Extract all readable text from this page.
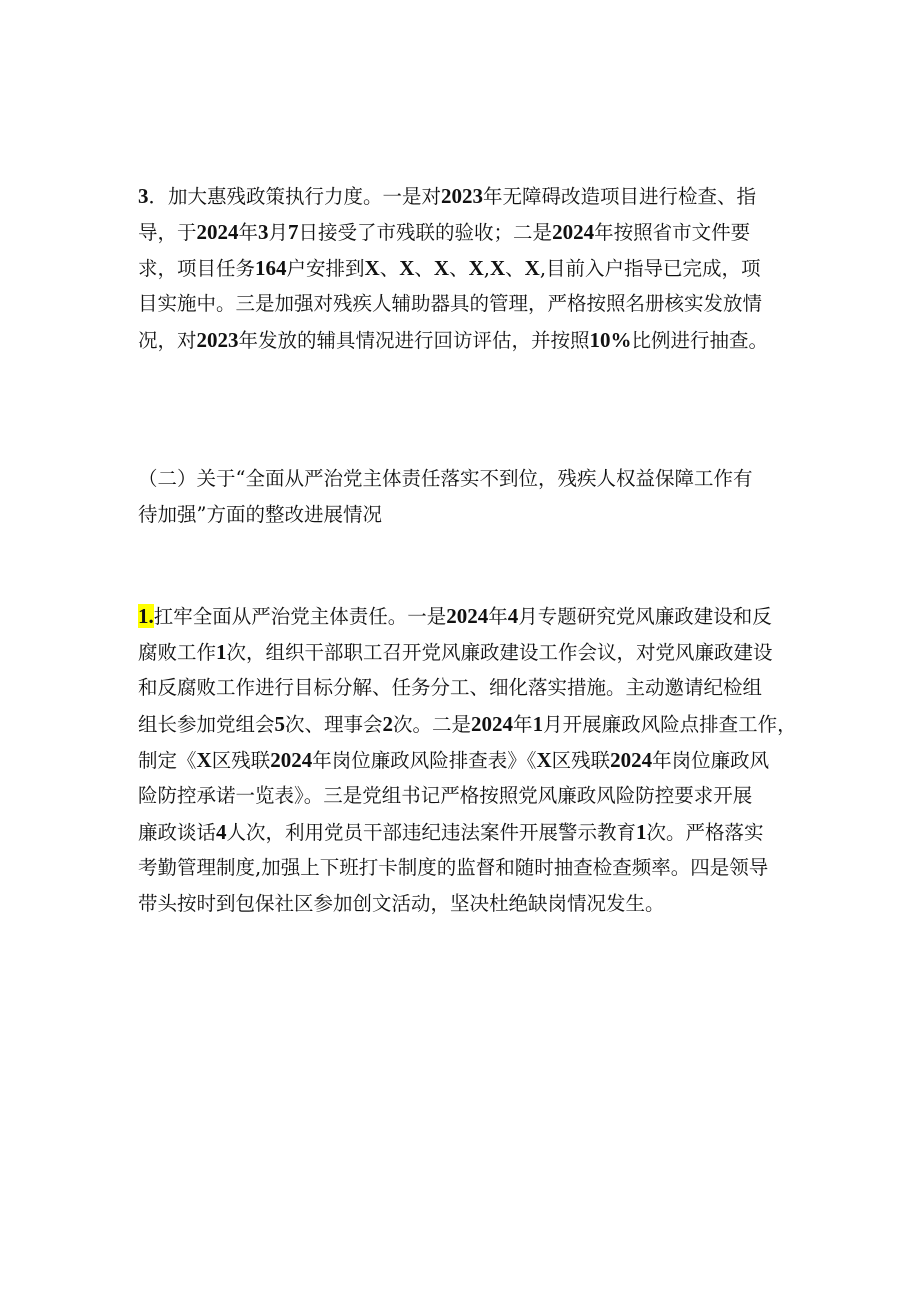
3．加大惠残政策执行力度。一是对2023年无障碍改造项目进行检查、指
导，于2024年3月7日接受了市残联的验收；二是2024年按照省市文件要
求，项目任务164户安排到X、X、X、X,X、X,目前入户指导已完成，项
目实施中。三是加强对残疾人辅助器具的管理，严格按照名册核实发放情
况，对2023年发放的辅具情况进行回访评估，并按照10%比例进行抽查。

（二）关于“全面从严治党主体责任落实不到位，残疾人权益保障工作有
待加强”方面的整改进展情况

1.扛牢全面从严治党主体责任。一是2024年4月专题研究党风廉政建设和反
腐败工作1次，组织干部职工召开党风廉政建设工作会议，对党风廉政建设
和反腐败工作进行目标分解、任务分工、细化落实措施。主动邀请纪检组
组长参加党组会5次、理事会2次。二是2024年1月开展廉政风险点排查工作，
制定《X区残联2024年岗位廉政风险排查表》《X区残联2024年岗位廉政风
险防控承诺一览表》。三是党组书记严格按照党风廉政风险防控要求开展
廉政谈话4人次，利用党员干部违纪违法案件开展警示教育1次。严格落实
考勤管理制度,加强上下班打卡制度的监督和随时抽查检查频率。四是领导
带头按时到包保社区参加创文活动，坚决杜绝缺岗情况发生。
